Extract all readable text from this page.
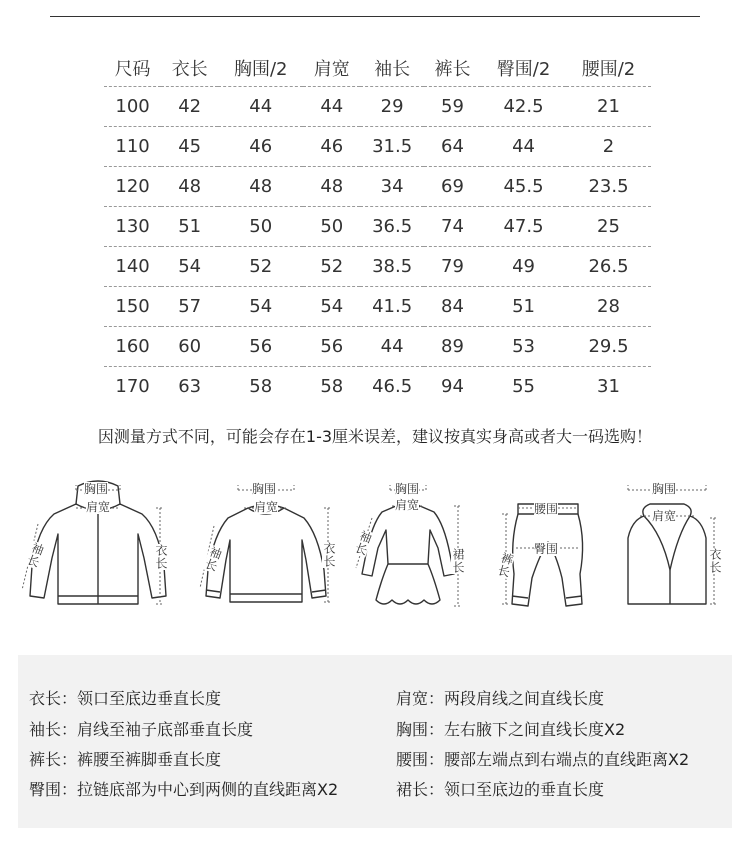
尺码	衣长	胸围/2	肩宽	袖长	裤长	臀围/2	腰围/2
100	42	44	44	29	59	42.5	21
110	45	46	46	31.5	64	44	2
120	48	48	48	34	69	45.5	23.5
130	51	50	50	36.5	74	47.5	25
140	54	52	52	38.5	79	49	26.5
150	57	54	54	41.5	84	51	28
160	60	56	56	44	89	53	29.5
170	63	58	58	46.5	94	55	31
因测量方式不同，可能会存在1-3厘米误差，建议按真实身高或者大一码选购！
胸围
肩宽
袖长	衣长
胸围
肩宽
袖长	衣长
胸围
肩宽
袖长
裙长
腰围
臀围
裤长
胸围
肩宽
衣长
衣长：领口至底边垂直长度
袖长：肩线至袖子底部垂直长度
裤长：裤腰至裤脚垂直长度
臀围：拉链底部为中心到两侧的直线距离X2
肩宽：两段肩线之间直线长度
胸围：左右腋下之间直线长度X2
腰围：腰部左端点到右端点的直线距离X2
裙长：领口至底边的垂直长度
